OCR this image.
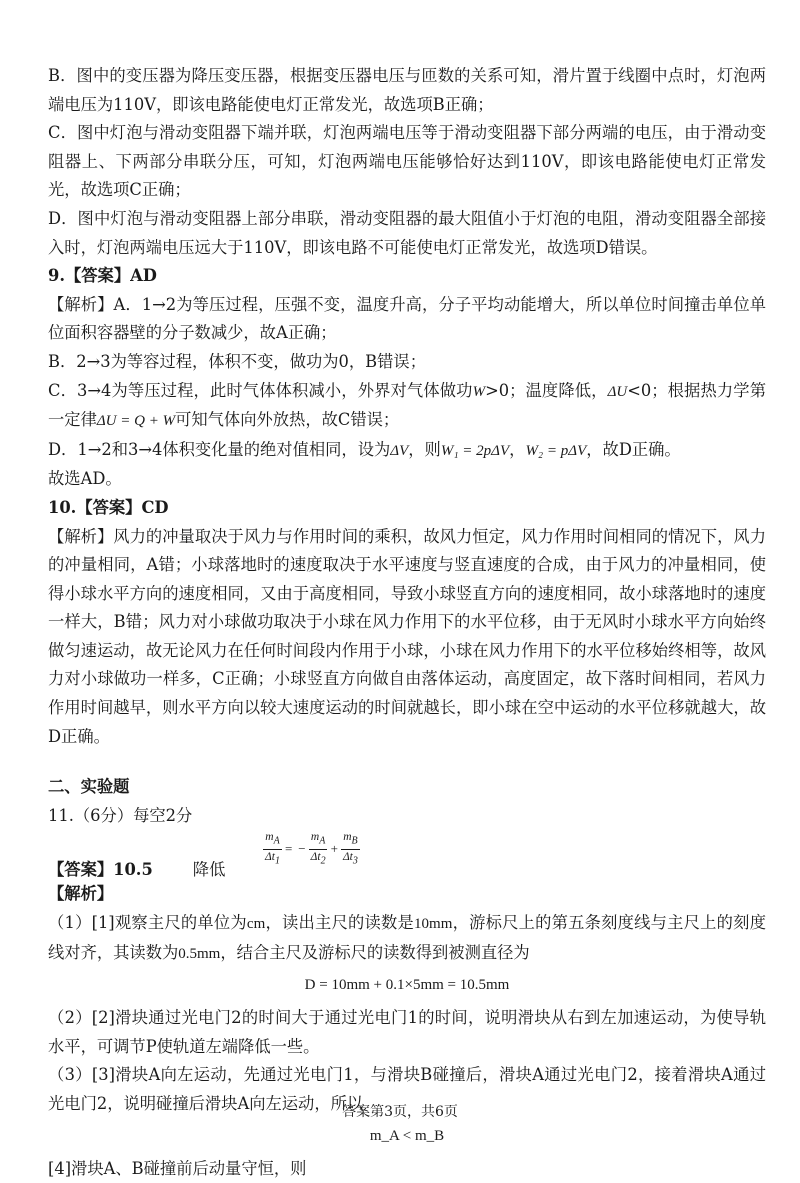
B．图中的变压器为降压变压器，根据变压器电压与匝数的关系可知，滑片置于线圈中点时，灯泡两端电压为110V，即该电路能使电灯正常发光，故选项B正确；

C．图中灯泡与滑动变阻器下端并联，灯泡两端电压等于滑动变阻器下部分两端的电压，由于滑动变阻器上、下两部分串联分压，可知，灯泡两端电压能够恰好达到110V，即该电路能使电灯正常发光，故选项C正确；

D．图中灯泡与滑动变阻器上部分串联，滑动变阻器的最大阻值小于灯泡的电阻，滑动变阻器全部接入时，灯泡两端电压远大于110V，即该电路不可能使电灯正常发光，故选项D错误。

9.【答案】AD

【解析】A．1→2为等压过程，压强不变，温度升高，分子平均动能增大，所以单位时间撞击单位单位面积容器壁的分子数减少，故A正确；

B．2→3为等容过程，体积不变，做功为0，B错误；

C．3→4为等压过程，此时气体体积减小，外界对气体做功W>0；温度降低，ΔU<0；根据热力学第一定律ΔU = Q + W可知气体向外放热，故C错误；

D．1→2和3→4体积变化量的绝对值相同，设为ΔV，则W₁ = 2pΔV，W₂ = pΔV，故D正确。

故选AD。

10.【答案】CD

【解析】风力的冲量取决于风力与作用时间的乘积，故风力恒定，风力作用时间相同的情况下，风力的冲量相同，A错；小球落地时的速度取决于水平速度与竖直速度的合成，由于风力的冲量相同，使得小球水平方向的速度相同，又由于高度相同，导致小球竖直方向的速度相同，故小球落地时的速度一样大，B错；风力对小球做功取决于小球在风力作用下的水平位移，由于无风时小球水平方向始终做匀速运动，故无论风力在任何时间段内作用于小球，小球在风力作用下的水平位移始终相等，故风力对小球做功一样多，C正确；小球竖直方向做自由落体运动，高度固定，故下落时间相同，若风力作用时间越早，则水平方向以较大速度运动的时间就越长，即小球在空中运动的水平位移就越大，故D正确。

二、实验题

11.（6分）每空2分

【答案】10.5 降低
$\frac{mA}{\Delta t1}$ = − $\frac{mA}{\Delta t2} + \frac{mB}{\Delta t3}$

【解析】

（1）[1]观察主尺的单位为cm，读出主尺的读数是10mm，游标尺上的第五条刻度线与主尺上的刻度线对齐，其读数为0.5mm，结合主尺及游标尺的读数得到被测直径为

D = 10mm + 0.1×5mm = 10.5mm

（2）[2]滑块通过光电门2的时间大于通过光电门1的时间，说明滑块从右到左加速运动，为使导轨水平，可调节P使轨道左端降低一些。

（3）[3]滑块A向左运动，先通过光电门1，与滑块B碰撞后，滑块A通过光电门2，接着滑块A通过光电门2，说明碰撞后滑块A向左运动，所以

m_A < m_B

[4]滑块A、B碰撞前后动量守恒，则

答案第3页，共6页
